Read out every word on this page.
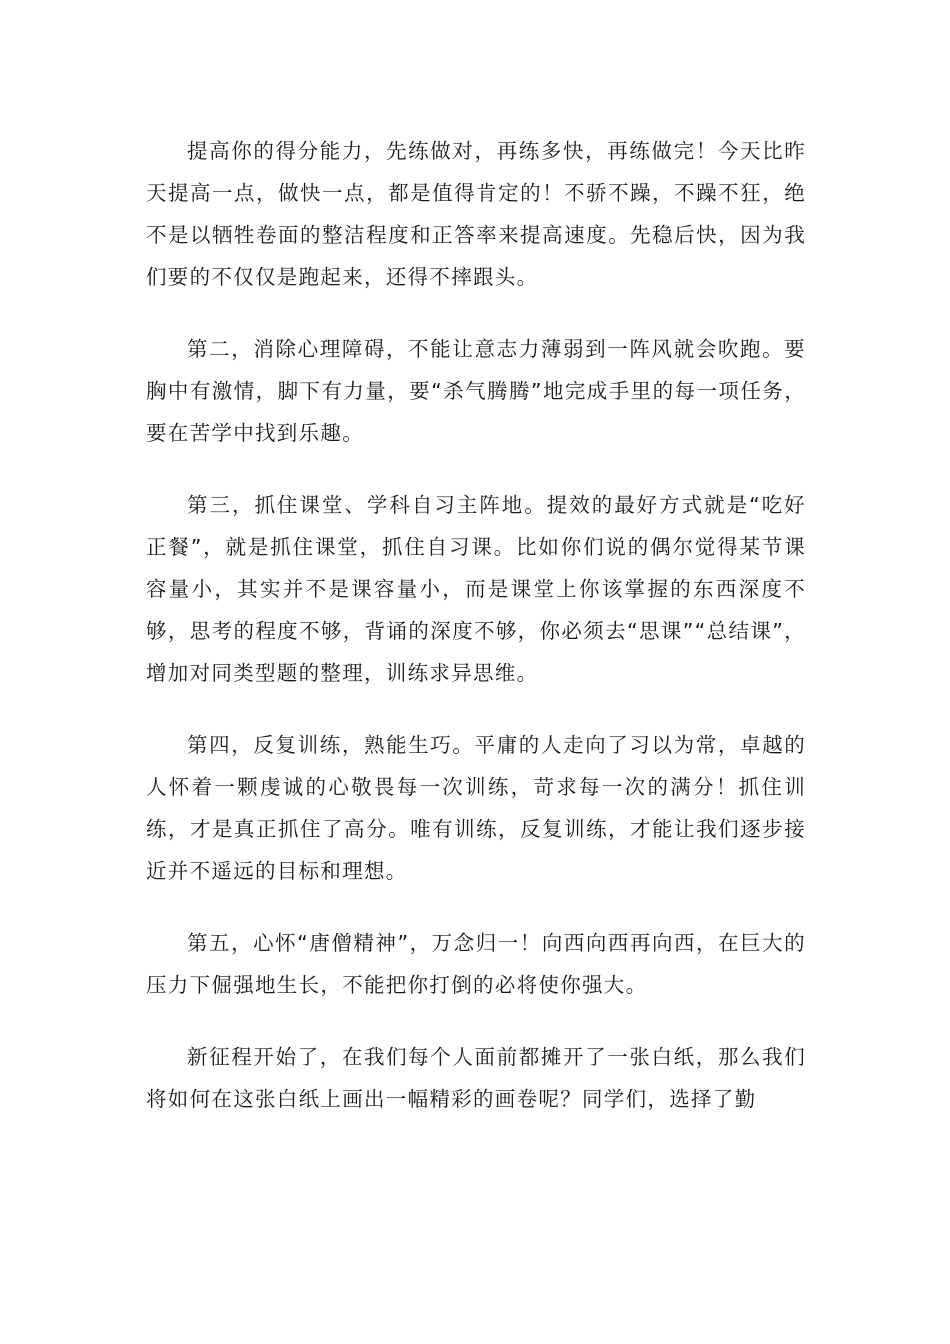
提高你的得分能力，先练做对，再练多快，再练做完！今天比昨天提高一点，做快一点，都是值得肯定的！不骄不躁，不躁不狂，绝不是以牺牲卷面的整洁程度和正答率来提高速度。先稳后快，因为我们要的不仅仅是跑起来，还得不摔跟头。

第二，消除心理障碍，不能让意志力薄弱到一阵风就会吹跑。要胸中有激情，脚下有力量，要“杀气腾腾”地完成手里的每一项任务，要在苦学中找到乐趣。

第三，抓住课堂、学科自习主阵地。提效的最好方式就是“吃好正餐”，就是抓住课堂，抓住自习课。比如你们说的偶尔觉得某节课容量小，其实并不是课容量小，而是课堂上你该掌握的东西深度不够，思考的程度不够，背诵的深度不够，你必须去“思课”“总结课”，增加对同类型题的整理，训练求异思维。

第四，反复训练，熟能生巧。平庸的人走向了习以为常，卓越的人怀着一颗虔诚的心敬畏每一次训练，苛求每一次的满分！抓住训练，才是真正抓住了高分。唯有训练，反复训练，才能让我们逐步接近并不遥远的目标和理想。

第五，心怀“唐僧精神”，万念归一！向西向西再向西，在巨大的压力下倔强地生长，不能把你打倒的必将使你强大。

新征程开始了，在我们每个人面前都摊开了一张白纸，那么我们将如何在这张白纸上画出一幅精彩的画卷呢？同学们，选择了勤
